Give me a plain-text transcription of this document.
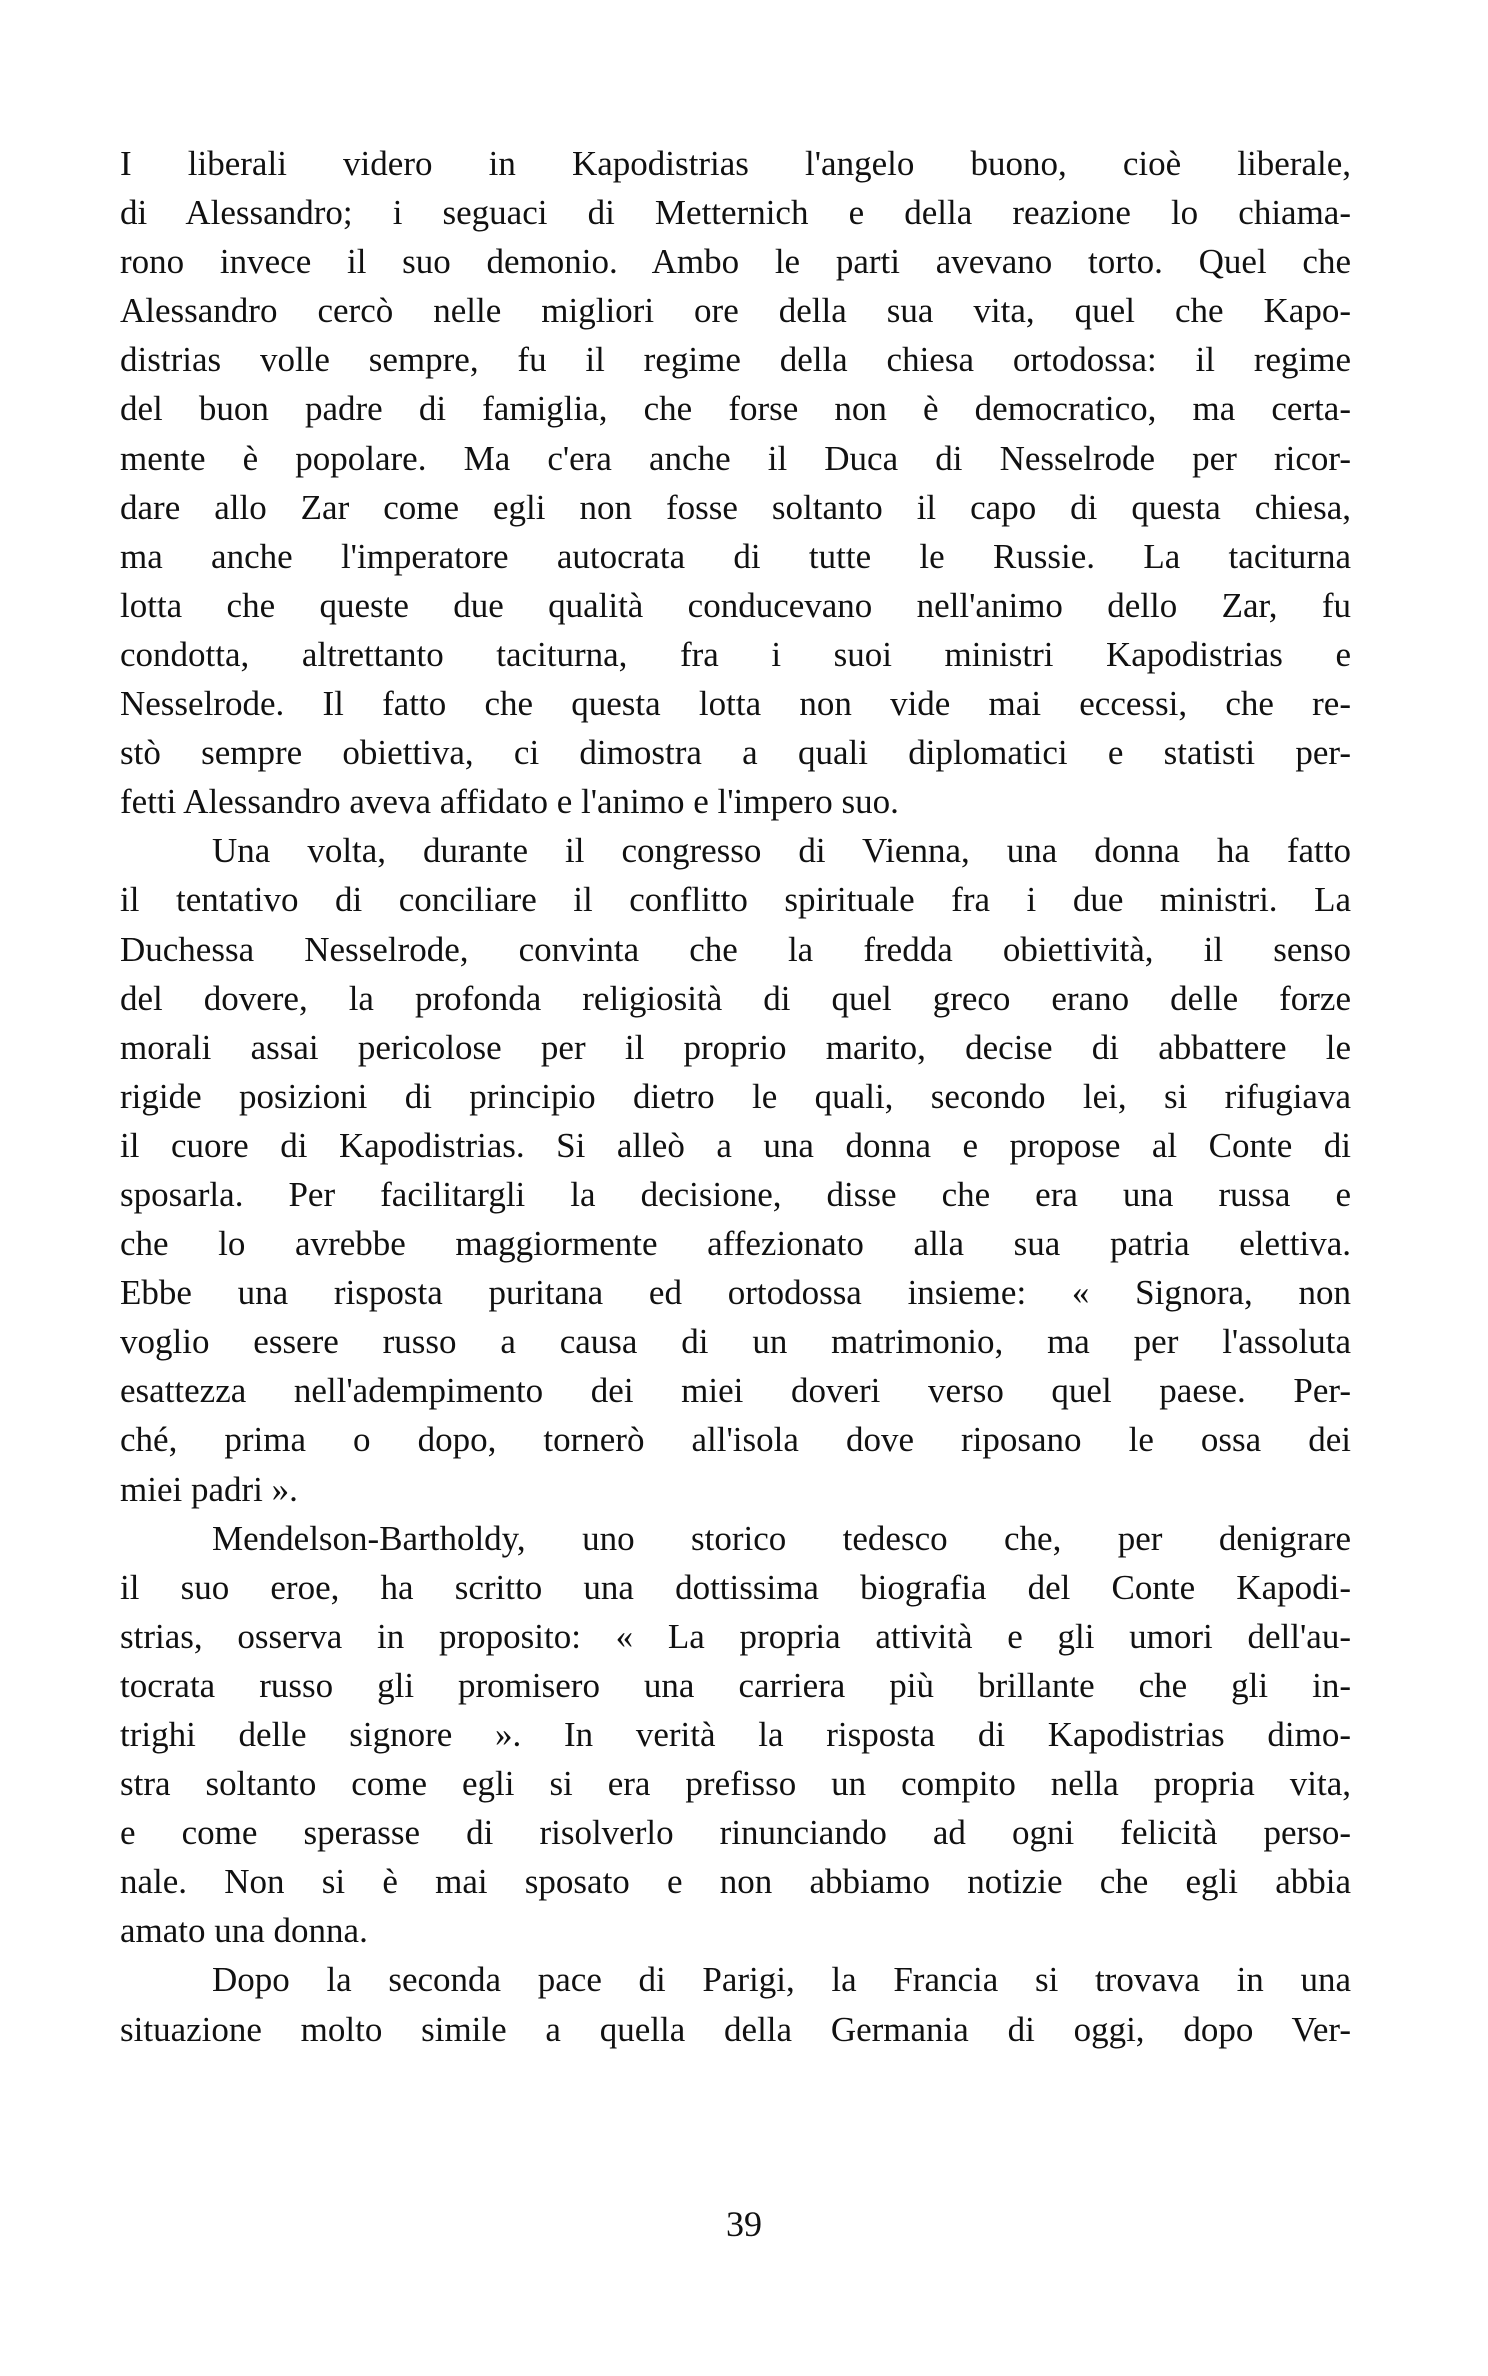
I liberali videro in Kapodistrias l'angelo buono, cioè liberale,
di Alessandro; i seguaci di Metternich e della reazione lo chiama-
rono invece il suo demonio. Ambo le parti avevano torto. Quel che
Alessandro cercò nelle migliori ore della sua vita, quel che Kapo-
distrias volle sempre, fu il regime della chiesa ortodossa: il regime
del buon padre di famiglia, che forse non è democratico, ma certa-
mente è popolare. Ma c'era anche il Duca di Nesselrode per ricor-
dare allo Zar come egli non fosse soltanto il capo di questa chiesa,
ma anche l'imperatore autocrata di tutte le Russie. La taciturna
lotta che queste due qualità conducevano nell'animo dello Zar, fu
condotta, altrettanto taciturna, fra i suoi ministri Kapodistrias e
Nesselrode. Il fatto che questa lotta non vide mai eccessi, che re-
stò sempre obiettiva, ci dimostra a quali diplomatici e statisti per-
fetti Alessandro aveva affidato e l'animo e l'impero suo.
Una volta, durante il congresso di Vienna, una donna ha fatto
il tentativo di conciliare il conflitto spirituale fra i due ministri. La
Duchessa Nesselrode, convinta che la fredda obiettività, il senso
del dovere, la profonda religiosità di quel greco erano delle forze
morali assai pericolose per il proprio marito, decise di abbattere le
rigide posizioni di principio dietro le quali, secondo lei, si rifugiava
il cuore di Kapodistrias. Si alleò a una donna e propose al Conte di
sposarla. Per facilitargli la decisione, disse che era una russa e
che lo avrebbe maggiormente affezionato alla sua patria elettiva.
Ebbe una risposta puritana ed ortodossa insieme: « Signora, non
voglio essere russo a causa di un matrimonio, ma per l'assoluta
esattezza nell'adempimento dei miei doveri verso quel paese. Per-
ché, prima o dopo, tornerò all'isola dove riposano le ossa dei
miei padri ».
Mendelson-Bartholdy, uno storico tedesco che, per denigrare
il suo eroe, ha scritto una dottissima biografia del Conte Kapodi-
strias, osserva in proposito: « La propria attività e gli umori dell'au-
tocrata russo gli promisero una carriera più brillante che gli in-
trighi delle signore ». In verità la risposta di Kapodistrias dimo-
stra soltanto come egli si era prefisso un compito nella propria vita,
e come sperasse di risolverlo rinunciando ad ogni felicità perso-
nale. Non si è mai sposato e non abbiamo notizie che egli abbia
amato una donna.
Dopo la seconda pace di Parigi, la Francia si trovava in una
situazione molto simile a quella della Germania di oggi, dopo Ver-
39
